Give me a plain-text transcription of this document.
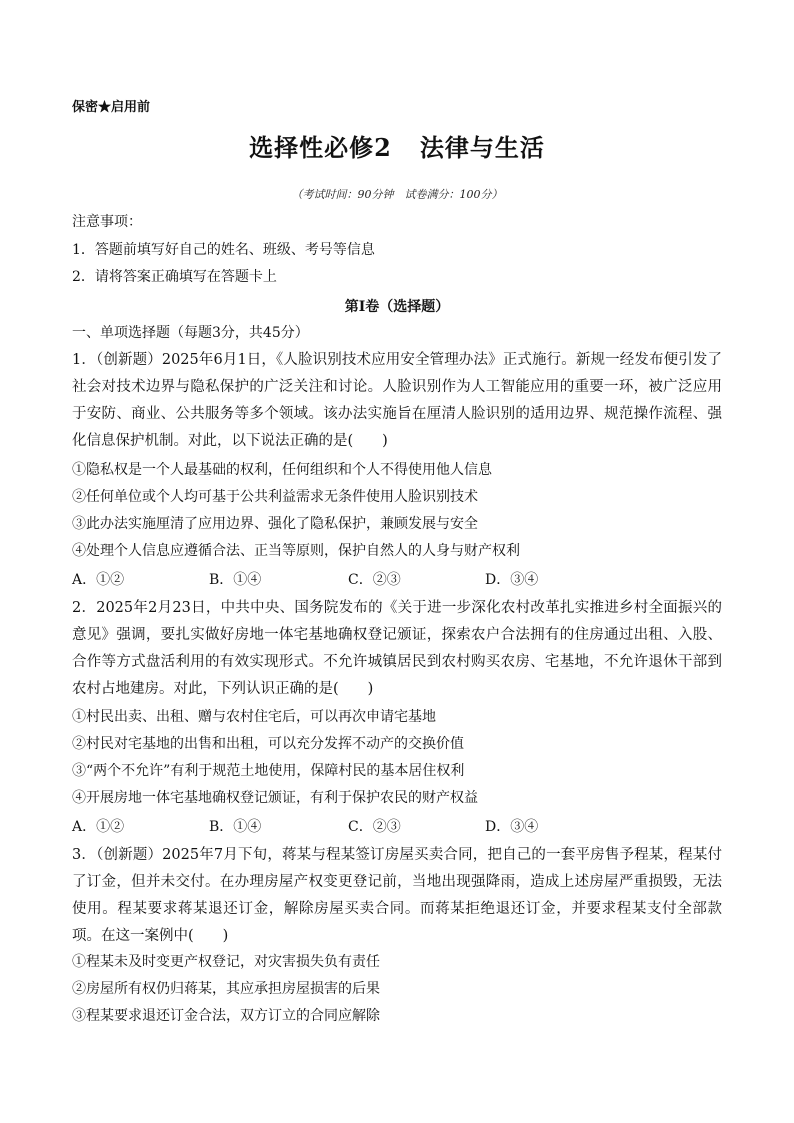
保密★启用前
选择性必修2 法律与生活
（考试时间：90分钟　试卷满分：100分）
注意事项：
1．答题前填写好自己的姓名、班级、考号等信息
2．请将答案正确填写在答题卡上
第I卷（选择题）
一、单项选择题（每题3分，共45分）
1．（创新题）2025年6月1日，《人脸识别技术应用安全管理办法》正式施行。新规一经发布便引发了社会对技术边界与隐私保护的广泛关注和讨论。人脸识别作为人工智能应用的重要一环，被广泛应用于安防、商业、公共服务等多个领域。该办法实施旨在厘清人脸识别的适用边界、规范操作流程、强化信息保护机制。对此，以下说法正确的是(　　)
①隐私权是一个人最基础的权利，任何组织和个人不得使用他人信息
②任何单位或个人均可基于公共利益需求无条件使用人脸识别技术
③此办法实施厘清了应用边界、强化了隐私保护，兼顾发展与安全
④处理个人信息应遵循合法、正当等原则，保护自然人的人身与财产权利
A．①②	B．①④	C．②③	D．③④
2．2025年2月23日，中共中央、国务院发布的《关于进一步深化农村改革扎实推进乡村全面振兴的意见》强调，要扎实做好房地一体宅基地确权登记颁证，探索农户合法拥有的住房通过出租、入股、合作等方式盘活利用的有效实现形式。不允许城镇居民到农村购买农房、宅基地，不允许退休干部到农村占地建房。对此，下列认识正确的是(　　)
①村民出卖、出租、赠与农村住宅后，可以再次申请宅基地
②村民对宅基地的出售和出租，可以充分发挥不动产的交换价值
③“两个不允许”有利于规范土地使用，保障村民的基本居住权利
④开展房地一体宅基地确权登记颁证，有利于保护农民的财产权益
A．①②	B．①④	C．②③	D．③④
3．（创新题）2025年7月下旬，蒋某与程某签订房屋买卖合同，把自己的一套平房售予程某，程某付了订金，但并未交付。在办理房屋产权变更登记前，当地出现强降雨，造成上述房屋严重损毁，无法使用。程某要求蒋某退还订金，解除房屋买卖合同。而蒋某拒绝退还订金，并要求程某支付全部款项。在这一案例中(　　)
①程某未及时变更产权登记，对灾害损失负有责任
②房屋所有权仍归蒋某，其应承担房屋损害的后果
③程某要求退还订金合法，双方订立的合同应解除
